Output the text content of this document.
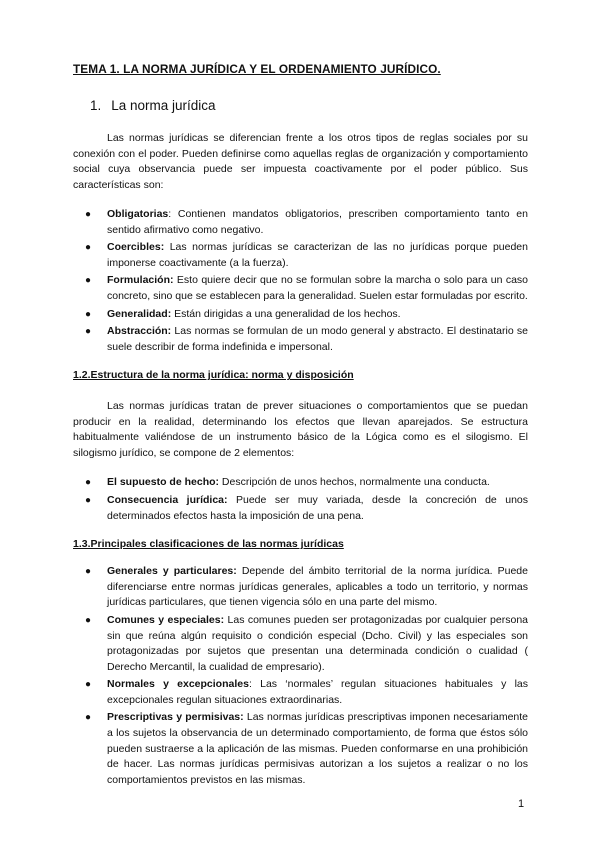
TEMA 1. LA NORMA JURÍDICA Y EL ORDENAMIENTO JURÍDICO.

1. La norma jurídica

Las normas jurídicas se diferencian frente a los otros tipos de reglas sociales por su conexión con el poder. Pueden definirse como aquellas reglas de organización y comportamiento social cuya observancia puede ser impuesta coactivamente por el poder público. Sus características son:

● Obligatorias: Contienen mandatos obligatorios, prescriben comportamiento tanto en sentido afirmativo como negativo.
● Coercibles: Las normas jurídicas se caracterizan de las no jurídicas porque pueden imponerse coactivamente (a la fuerza).
● Formulación: Esto quiere decir que no se formulan sobre la marcha o solo para un caso concreto, sino que se establecen para la generalidad. Suelen estar formuladas por escrito.
● Generalidad: Están dirigidas a una generalidad de los hechos.
● Abstracción: Las normas se formulan de un modo general y abstracto. El destinatario se suele describir de forma indefinida e impersonal.

1.2.Estructura de la norma jurídica: norma y disposición

Las normas jurídicas tratan de prever situaciones o comportamientos que se puedan producir en la realidad, determinando los efectos que llevan aparejados. Se estructura habitualmente valiéndose de un instrumento básico de la Lógica como es el silogismo. El silogismo jurídico, se compone de 2 elementos:

● El supuesto de hecho: Descripción de unos hechos, normalmente una conducta.
● Consecuencia jurídica: Puede ser muy variada, desde la concreción de unos determinados efectos hasta la imposición de una pena.

1.3.Principales clasificaciones de las normas jurídicas

● Generales y particulares: Depende del ámbito territorial de la norma jurídica. Puede diferenciarse entre normas jurídicas generales, aplicables a todo un territorio, y normas jurídicas particulares, que tienen vigencia sólo en una parte del mismo.
● Comunes y especiales: Las comunes pueden ser protagonizadas por cualquier persona sin que reúna algún requisito o condición especial (Dcho. Civil) y las especiales son protagonizadas por sujetos que presentan una determinada condición o cualidad ( Derecho Mercantil, la cualidad de empresario).
● Normales y excepcionales: Las ‘normales’ regulan situaciones habituales y las excepcionales regulan situaciones extraordinarias.
● Prescriptivas y permisivas: Las normas jurídicas prescriptivas imponen necesariamente a los sujetos la observancia de un determinado comportamiento, de forma que éstos sólo pueden sustraerse a la aplicación de las mismas. Pueden conformarse en una prohibición de hacer. Las normas jurídicas permisivas autorizan a los sujetos a realizar o no los comportamientos previstos en las mismas.
1
